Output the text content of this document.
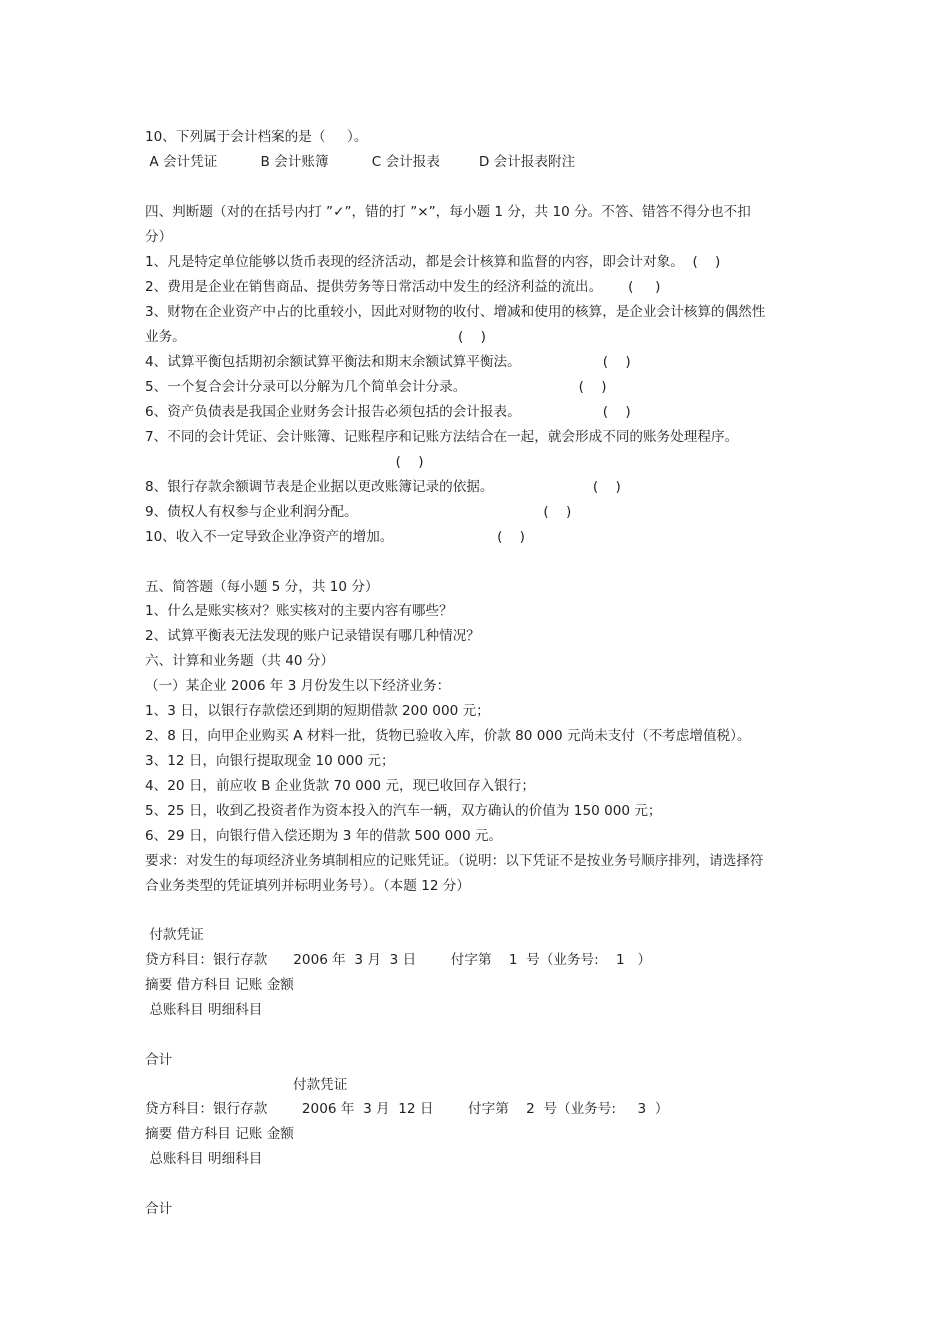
10、下列属于会计档案的是（     ）。

A 会计凭证          B 会计账簿          C 会计报表         D 会计报表附注

四、判断题（对的在括号内打 ”✓”，错的打 ”×”，每小题 1 分，共 10 分。不答、错答不得分也不扣

分）

1、凡是特定单位能够以货币表现的经济活动，都是会计核算和监督的内容，即会计对象。  (    )

2、费用是企业在销售商品、提供劳务等日常活动中发生的经济利益的流出。      (     )

3、财物在企业资产中占的比重较小，因此对财物的收付、增减和使用的核算，是企业会计核算的偶然性

业务。                                                               (    )

4、试算平衡包括期初余额试算平衡法和期末余额试算平衡法。                   (    )

5、一个复合会计分录可以分解为几个简单会计分录。                          (    )

6、资产负债表是我国企业财务会计报告必须包括的会计报表。                   (    )

7、不同的会计凭证、会计账簿、记账程序和记账方法结合在一起，就会形成不同的账务处理程序。

(    )

8、银行存款余额调节表是企业据以更改账簿记录的依据。                       (    )

9、债权人有权参与企业利润分配。                                           (    )

10、收入不一定导致企业净资产的增加。                        (    )

五、简答题（每小题 5 分，共 10 分）

1、什么是账实核对？账实核对的主要内容有哪些？

2、试算平衡表无法发现的账户记录错误有哪几种情况？

六、计算和业务题（共 40 分）

（一）某企业 2006 年 3 月份发生以下经济业务：

1、3 日，以银行存款偿还到期的短期借款 200 000 元；

2、8 日，向甲企业购买 A 材料一批，货物已验收入库，价款 80 000 元尚未支付（不考虑增值税）。

3、12 日，向银行提取现金 10 000 元；

4、20 日，前应收 B 企业货款 70 000 元，现已收回存入银行；

5、25 日，收到乙投资者作为资本投入的汽车一辆，双方确认的价值为 150 000 元；

6、29 日，向银行借入偿还期为 3 年的借款 500 000 元。

要求：对发生的每项经济业务填制相应的记账凭证。（说明：以下凭证不是按业务号顺序排列，请选择符

合业务类型的凭证填列并标明业务号）。（本题 12 分）

付款凭证

贷方科目：银行存款      2006 年  3 月  3 日        付字第    1  号（业务号:    1   ）

摘要 借方科目 记账 金额

总账科目 明细科目

合计

付款凭证

贷方科目：银行存款        2006 年  3 月  12 日        付字第    2  号（业务号:     3  ）

摘要 借方科目 记账 金额

总账科目 明细科目

合计
